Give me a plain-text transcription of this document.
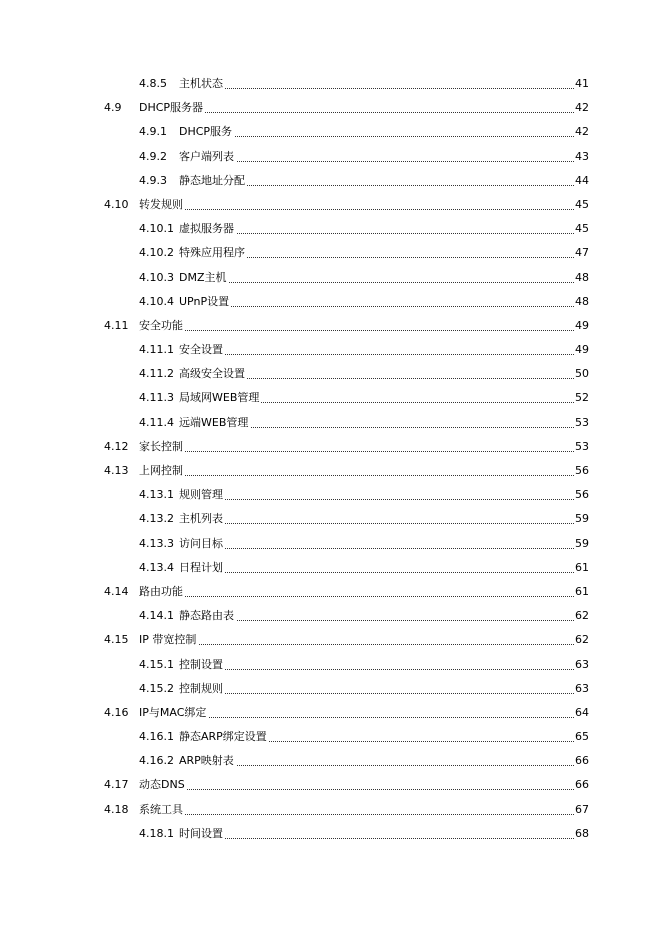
4.8.5 主机状态	41
4.9 DHCP服务器	42
4.9.1 DHCP服务	42
4.9.2 客户端列表	43
4.9.3 静态地址分配	44
4.10 转发规则	45
4.10.1 虚拟服务器	45
4.10.2 特殊应用程序	47
4.10.3 DMZ主机	48
4.10.4 UPnP设置	48
4.11 安全功能	49
4.11.1 安全设置	49
4.11.2 高级安全设置	50
4.11.3 局域网WEB管理	52
4.11.4 远端WEB管理	53
4.12 家长控制	53
4.13 上网控制	56
4.13.1 规则管理	56
4.13.2 主机列表	59
4.13.3 访问目标	59
4.13.4 日程计划	61
4.14 路由功能	61
4.14.1 静态路由表	62
4.15 IP 带宽控制	62
4.15.1 控制设置	63
4.15.2 控制规则	63
4.16 IP与MAC绑定	64
4.16.1 静态ARP绑定设置	65
4.16.2 ARP映射表	66
4.17 动态DNS	66
4.18 系统工具	67
4.18.1 时间设置	68
